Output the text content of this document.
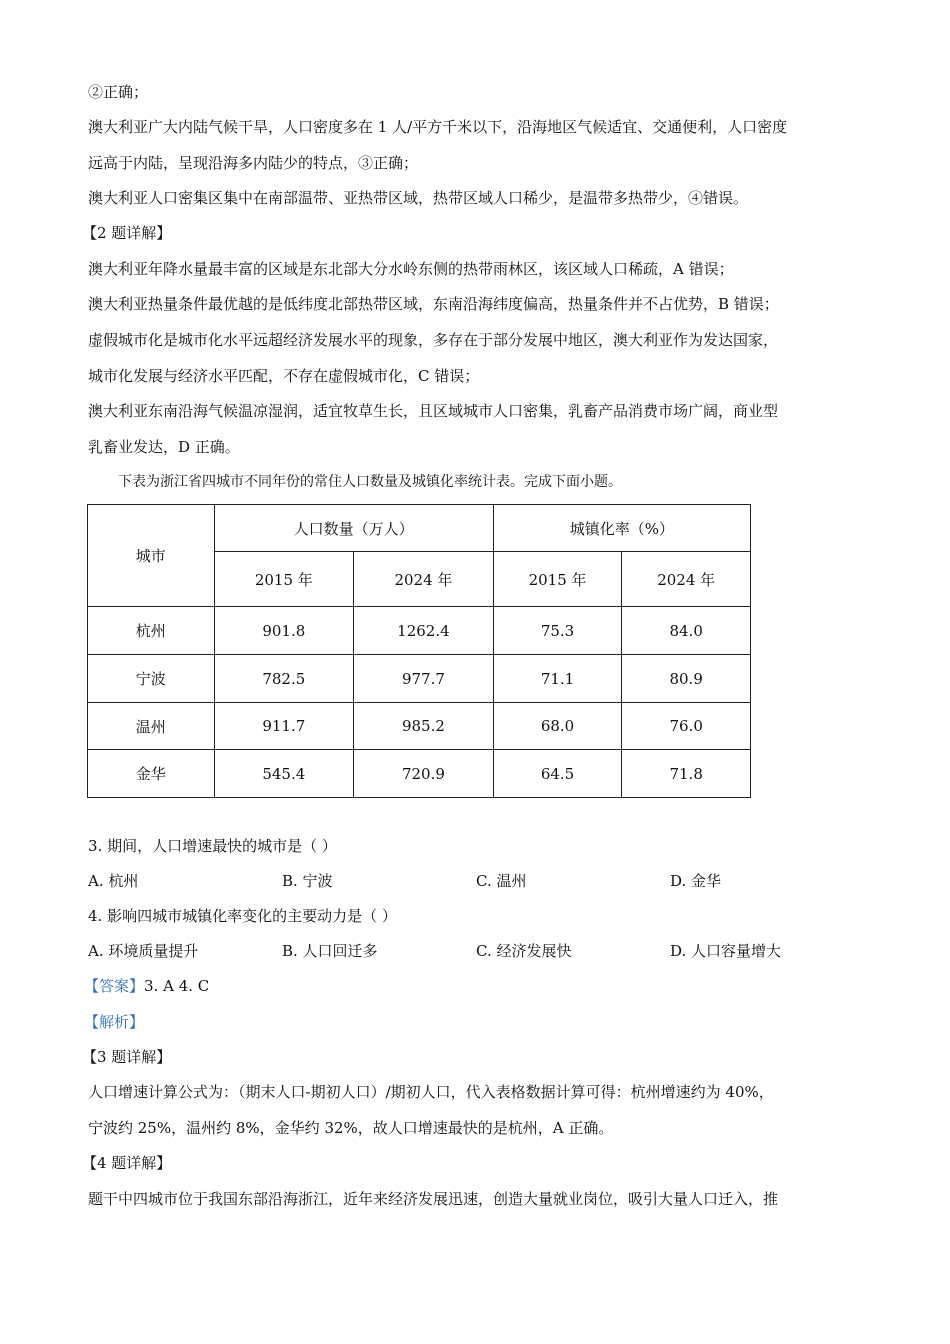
②正确；
澳大利亚广大内陆气候干旱，人口密度多在 1 人/平方千米以下，沿海地区气候适宜、交通便利，人口密度
远高于内陆，呈现沿海多内陆少的特点，③正确；
澳大利亚人口密集区集中在南部温带、亚热带区域，热带区域人口稀少，是温带多热带少，④错误。
【2 题详解】
澳大利亚年降水量最丰富的区域是东北部大分水岭东侧的热带雨林区，该区域人口稀疏，A 错误；
澳大利亚热量条件最优越的是低纬度北部热带区域，东南沿海纬度偏高，热量条件并不占优势，B 错误；
虚假城市化是城市化水平远超经济发展水平的现象，多存在于部分发展中地区，澳大利亚作为发达国家，
城市化发展与经济水平匹配，不存在虚假城市化，C 错误；
澳大利亚东南沿海气候温凉湿润，适宜牧草生长，且区域城市人口密集，乳畜产品消费市场广阔，商业型
乳畜业发达，D 正确。
下表为浙江省四城市不同年份的常住人口数量及城镇化率统计表。完成下面小题。
城市	人口数量（万人）		城镇化率（%）	
	2015 年	2024 年	2015 年	2024 年
杭州	901.8	1262.4	75.3	84.0
宁波	782.5	977.7	71.1	80.9
温州	911.7	985.2	68.0	76.0
金华	545.4	720.9	64.5	71.8
3. 期间，人口增速最快的城市是（ ）
A. 杭州	B. 宁波	C. 温州	D. 金华
4. 影响四城市城镇化率变化的主要动力是（ ）
A. 环境质量提升	B. 人口回迁多	C. 经济发展快	D. 人口容量增大
【答案】3. A 4. C
【解析】
【3 题详解】
人口增速计算公式为：（期末人口-期初人口）/期初人口，代入表格数据计算可得：杭州增速约为 40%，
宁波约 25%，温州约 8%，金华约 32%，故人口增速最快的是杭州，A 正确。
【4 题详解】
题干中四城市位于我国东部沿海浙江，近年来经济发展迅速，创造大量就业岗位，吸引大量人口迁入，推
